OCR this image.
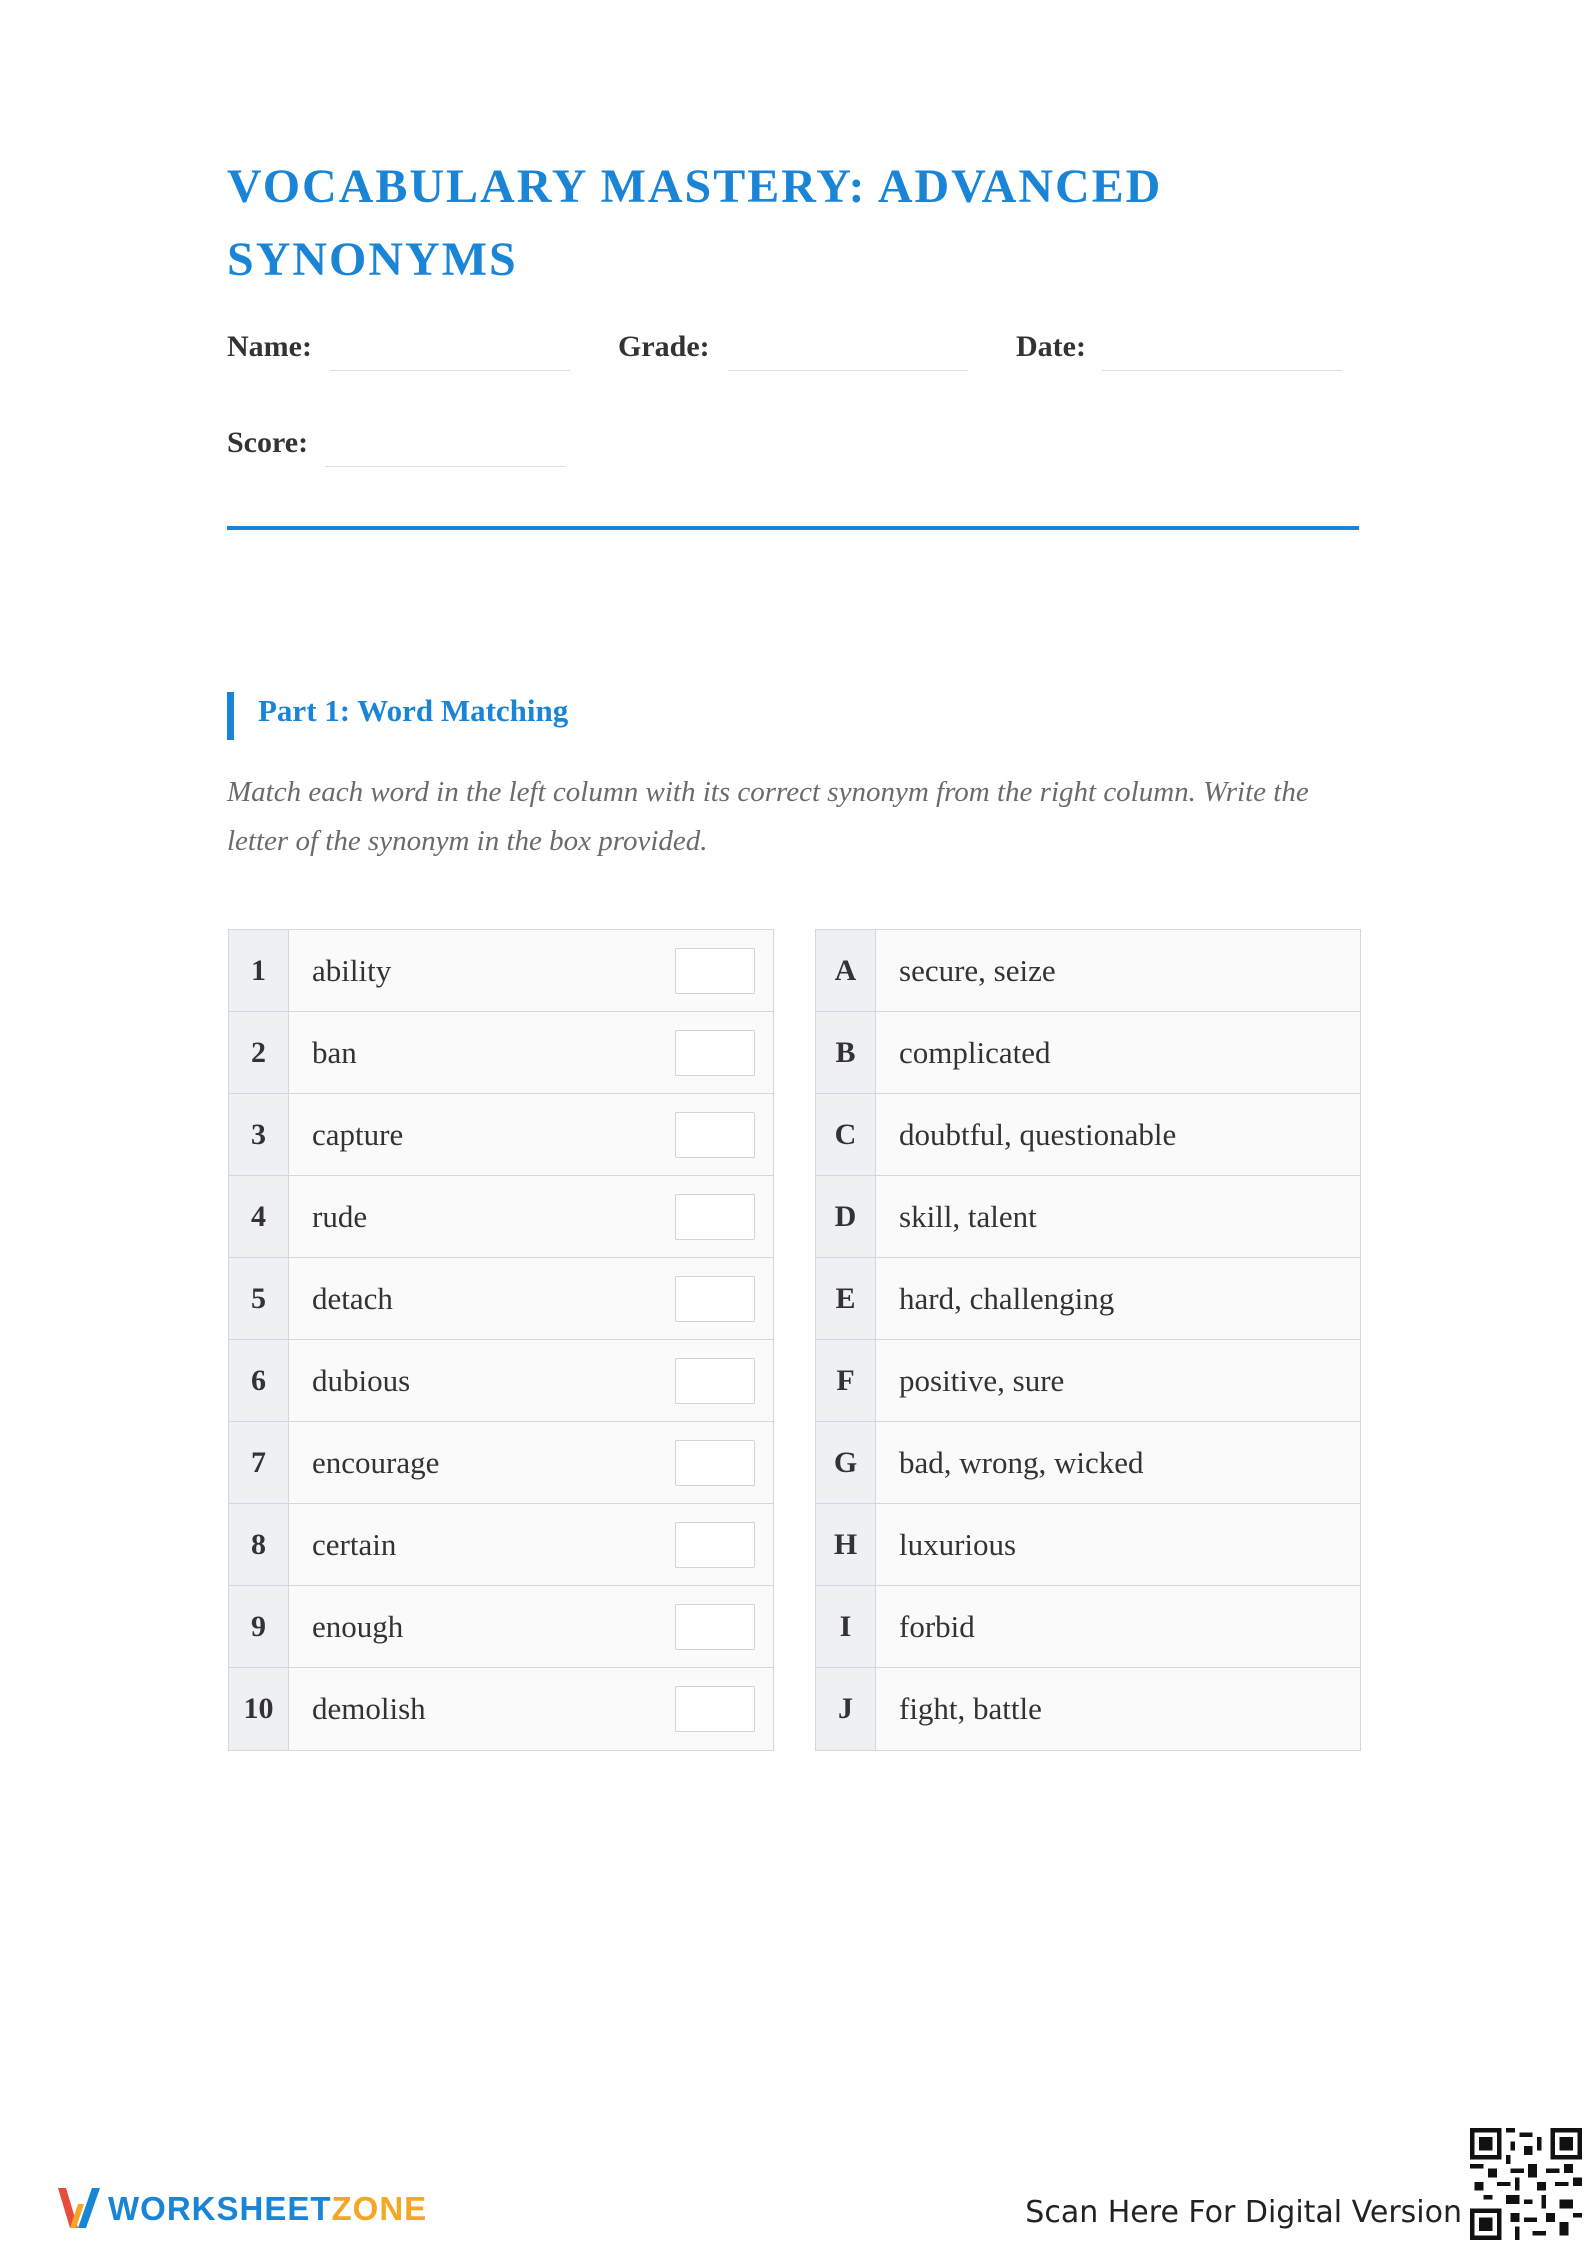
VOCABULARY MASTERY: ADVANCED SYNONYMS
Name:	Grade:	Date:
Score:
Part 1: Word Matching
Match each word in the left column with its correct synonym from the right column. Write the letter of the synonym in the box provided.
1	ability
2	ban
3	capture
4	rude
5	detach
6	dubious
7	encourage
8	certain
9	enough
10	demolish
A	secure, seize
B	complicated
C	doubtful, questionable
D	skill, talent
E	hard, challenging
F	positive, sure
G	bad, wrong, wicked
H	luxurious
I	forbid
J	fight, battle
WORKSHEETZONE	Scan Here For Digital Version
